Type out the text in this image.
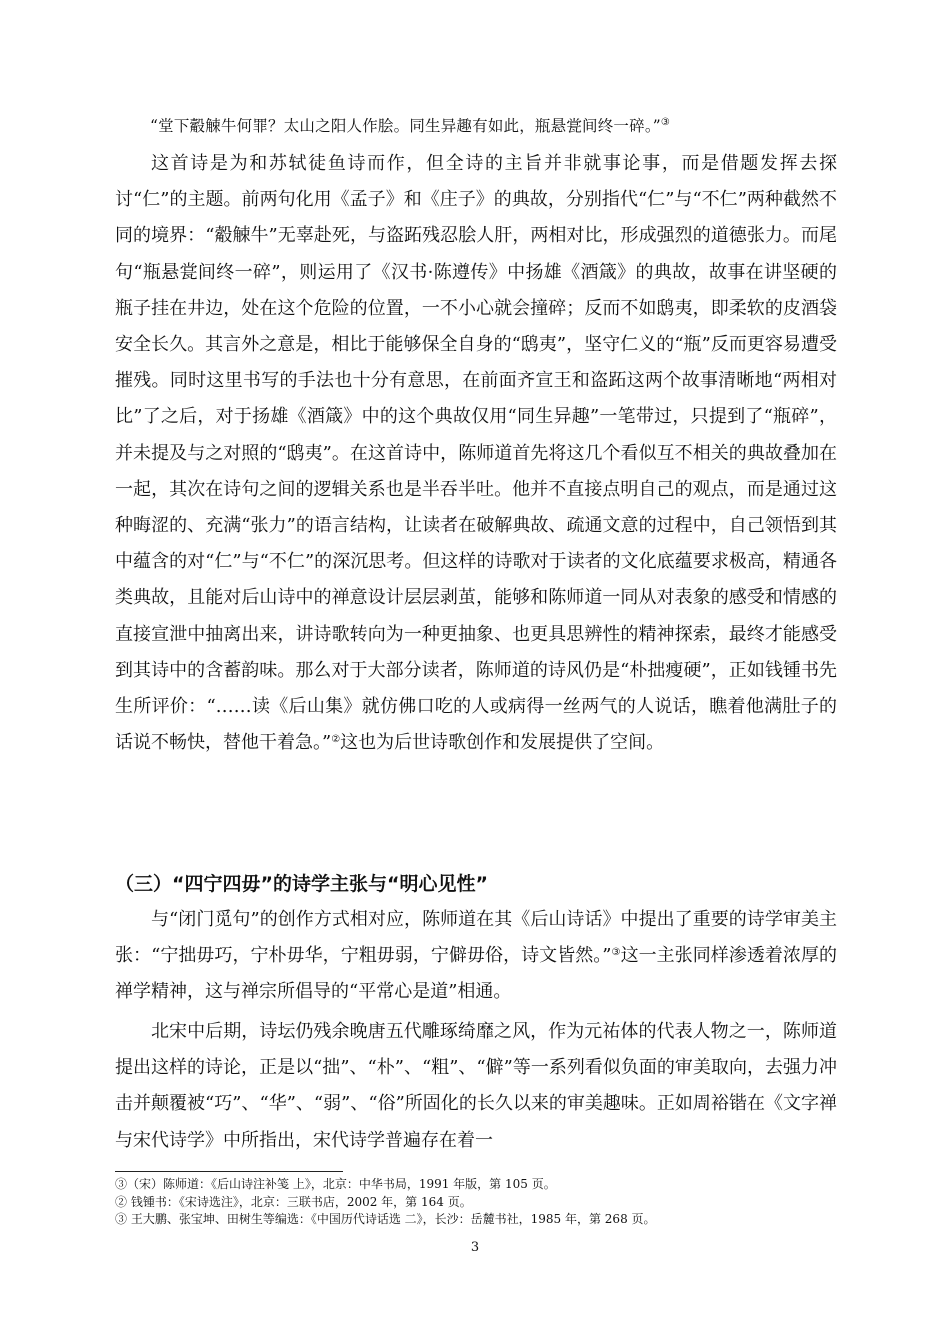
“堂下觳觫牛何罪？太山之阳人作脍。同生异趣有如此，瓶悬瓽间终一碎。”③

这首诗是为和苏轼徒鱼诗而作，但全诗的主旨并非就事论事，而是借题发挥去探讨“仁”的主题。前两句化用《孟子》和《庄子》的典故，分别指代“仁”与“不仁”两种截然不同的境界：“觳觫牛”无辜赴死，与盗跖残忍脍人肝，两相对比，形成强烈的道德张力。而尾句“瓶悬瓽间终一碎”，则运用了《汉书·陈遵传》中扬雄《酒箴》的典故，故事在讲坚硬的瓶子挂在井边，处在这个危险的位置，一不小心就会撞碎；反而不如鸱夷，即柔软的皮酒袋安全长久。其言外之意是，相比于能够保全自身的“鸱夷”，坚守仁义的“瓶”反而更容易遭受摧残。同时这里书写的手法也十分有意思，在前面齐宣王和盗跖这两个故事清晰地“两相对比”了之后，对于扬雄《酒箴》中的这个典故仅用“同生异趣”一笔带过，只提到了“瓶碎”，并未提及与之对照的“鸱夷”。在这首诗中，陈师道首先将这几个看似互不相关的典故叠加在一起，其次在诗句之间的逻辑关系也是半吞半吐。他并不直接点明自己的观点，而是通过这种晦涩的、充满“张力”的语言结构，让读者在破解典故、疏通文意的过程中，自己领悟到其中蕴含的对“仁”与“不仁”的深沉思考。但这样的诗歌对于读者的文化底蕴要求极高，精通各类典故，且能对后山诗中的禅意设计层层剥茧，能够和陈师道一同从对表象的感受和情感的直接宣泄中抽离出来，讲诗歌转向为一种更抽象、也更具思辨性的精神探索，最终才能感受到其诗中的含蓄韵味。那么对于大部分读者，陈师道的诗风仍是“朴拙瘦硬”，正如钱锺书先生所评价：“……读《后山集》就仿佛口吃的人或病得一丝两气的人说话，瞧着他满肚子的话说不畅快，替他干着急。”②这也为后世诗歌创作和发展提供了空间。

（三）“四宁四毋”的诗学主张与“明心见性”

与“闭门觅句”的创作方式相对应，陈师道在其《后山诗话》中提出了重要的诗学审美主张：“宁拙毋巧，宁朴毋华，宁粗毋弱，宁僻毋俗，诗文皆然。”③这一主张同样渗透着浓厚的禅学精神，这与禅宗所倡导的“平常心是道”相通。

北宋中后期，诗坛仍残余晚唐五代雕琢绮靡之风，作为元祐体的代表人物之一，陈师道提出这样的诗论，正是以“拙”、“朴”、“粗”、“僻”等一系列看似负面的审美取向，去强力冲击并颠覆被“巧”、“华”、“弱”、“俗”所固化的长久以来的审美趣味。正如周裕锴在《文字禅与宋代诗学》中所指出，宋代诗学普遍存在着一

③（宋）陈师道：《后山诗注补笺 上》，北京：中华书局，1991 年版，第 105 页。
② 钱锺书：《宋诗选注》，北京：三联书店，2002 年，第 164 页。
③ 王大鹏、张宝坤、田树生等编选：《中国历代诗话选 二》，长沙：岳麓书社，1985 年，第 268 页。
3
